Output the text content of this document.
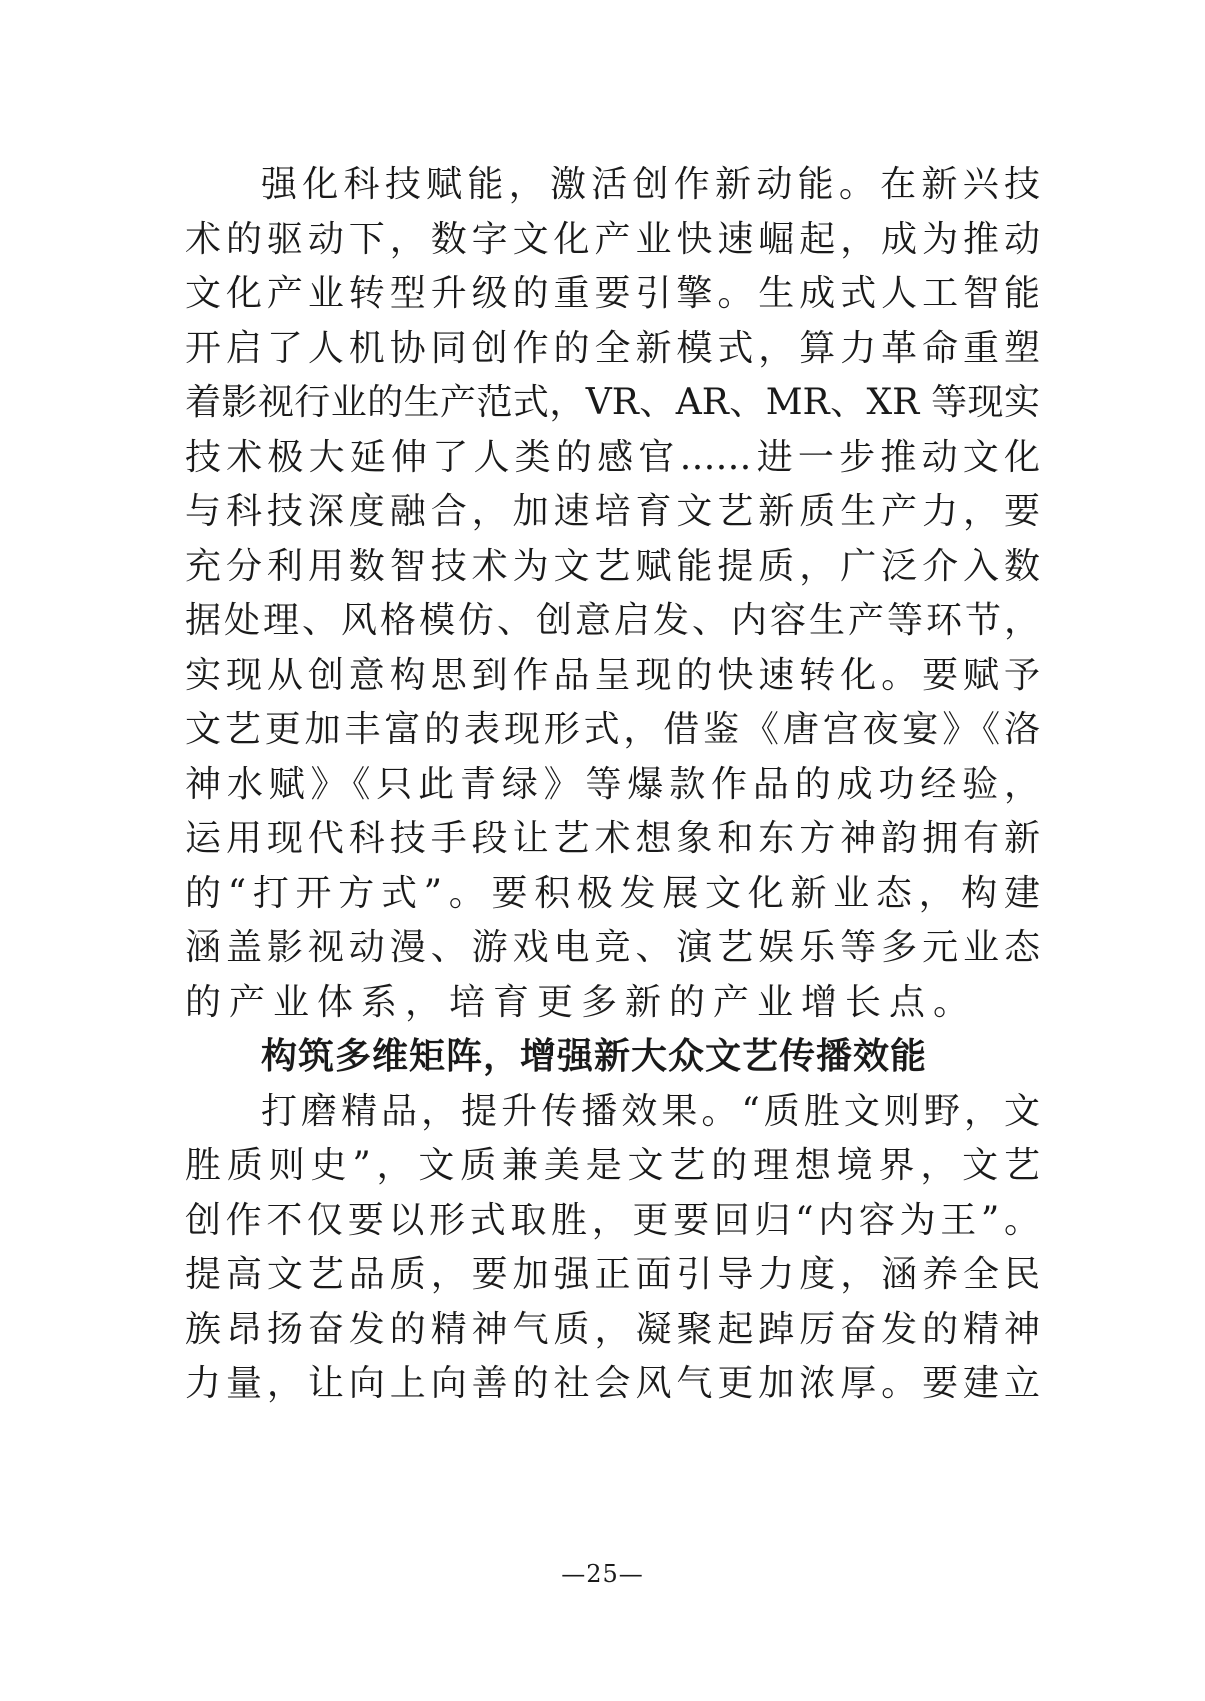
强化科技赋能，激活创作新动能。在新兴技
术的驱动下，数字文化产业快速崛起，成为推动
文化产业转型升级的重要引擎。生成式人工智能
开启了人机协同创作的全新模式，算力革命重塑
着影视行业的生产范式，VR、AR、MR、XR 等现实
技术极大延伸了人类的感官……进一步推动文化
与科技深度融合，加速培育文艺新质生产力，要
充分利用数智技术为文艺赋能提质，广泛介入数
据处理、风格模仿、创意启发、内容生产等环节，
实现从创意构思到作品呈现的快速转化。要赋予
文艺更加丰富的表现形式，借鉴《唐宫夜宴》《洛
神水赋》《只此青绿》等爆款作品的成功经验，
运用现代科技手段让艺术想象和东方神韵拥有新
的“打开方式”。要积极发展文化新业态，构建
涵盖影视动漫、游戏电竞、演艺娱乐等多元业态
的产业体系，培育更多新的产业增长点。
构筑多维矩阵，增强新大众文艺传播效能
打磨精品，提升传播效果。“质胜文则野，文
胜质则史”，文质兼美是文艺的理想境界，文艺
创作不仅要以形式取胜，更要回归“内容为王”。
提高文艺品质，要加强正面引导力度，涵养全民
族昂扬奋发的精神气质，凝聚起踔厉奋发的精神
力量，让向上向善的社会风气更加浓厚。要建立
—25—
